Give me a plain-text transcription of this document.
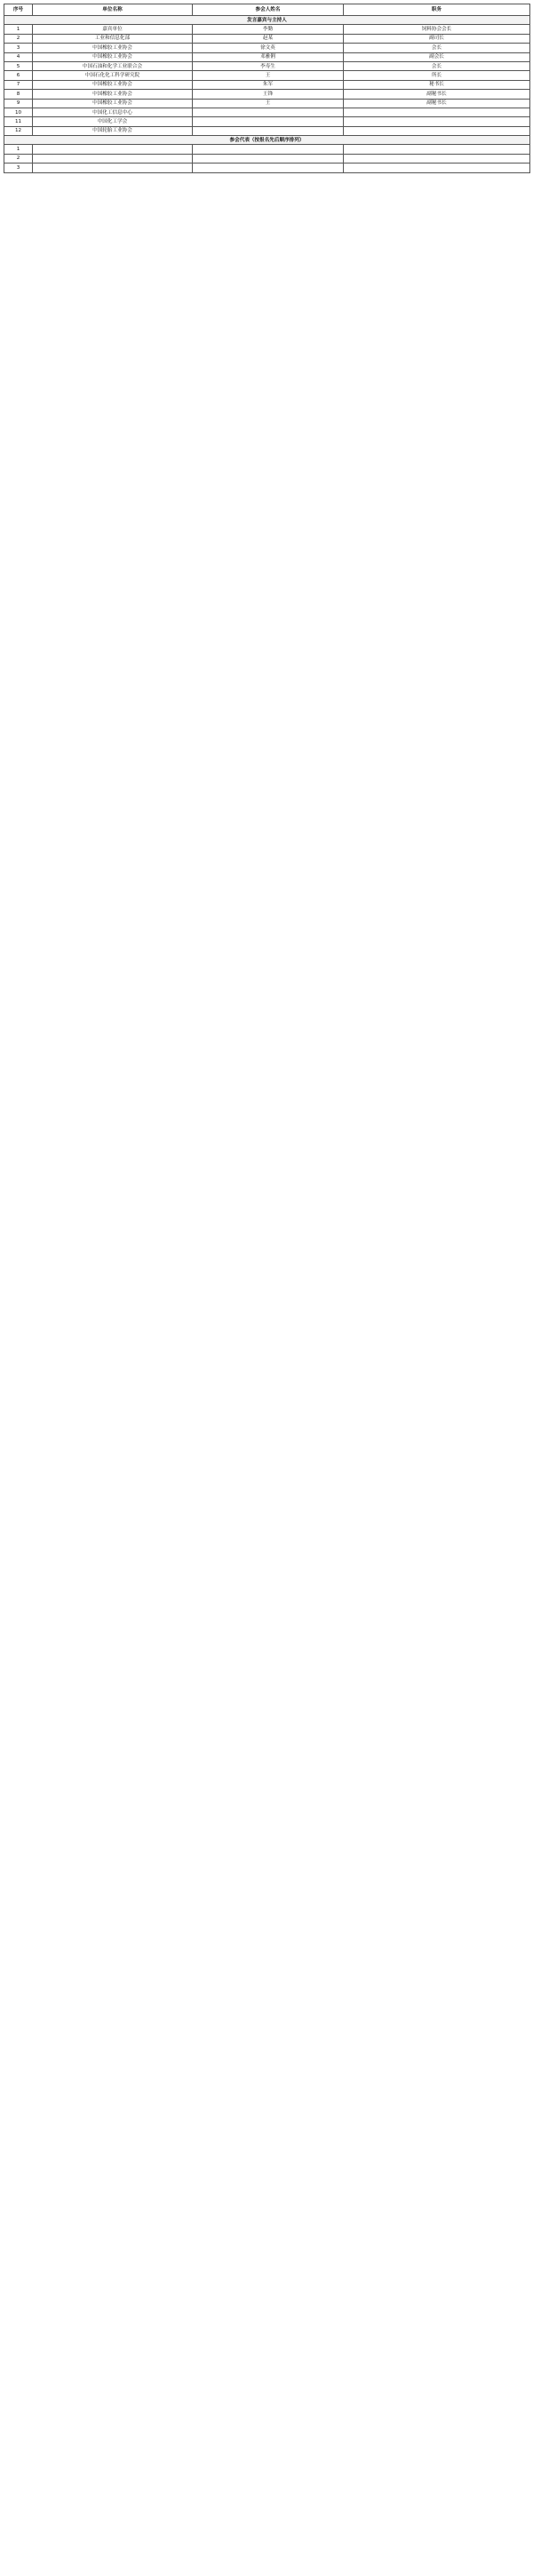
序号	单位名称	参会人姓名	职务
发言嘉宾与主持人			
1	嘉宾单位	李勤	饲料协会会长
2	工业和信息化部	赵某	副司长
3	中国橡胶工业协会	徐文英	会长
4	中国橡胶工业协会	邓雅俐	副会长
5	中国石油和化学工业联合会	李寿生	会长
6	中国石化化工科学研究院	王	所长
7	中国橡胶工业协会	朱军	秘书长
8	中国橡胶工业协会	王锋	副秘书长
9	中国橡胶工业协会	王	副秘书长
10	中国化工信息中心		
11	中国化工学会		
12	中国轮胎工业协会		
参会代表（按报名先后顺序排列）			
1			
2			
3			
